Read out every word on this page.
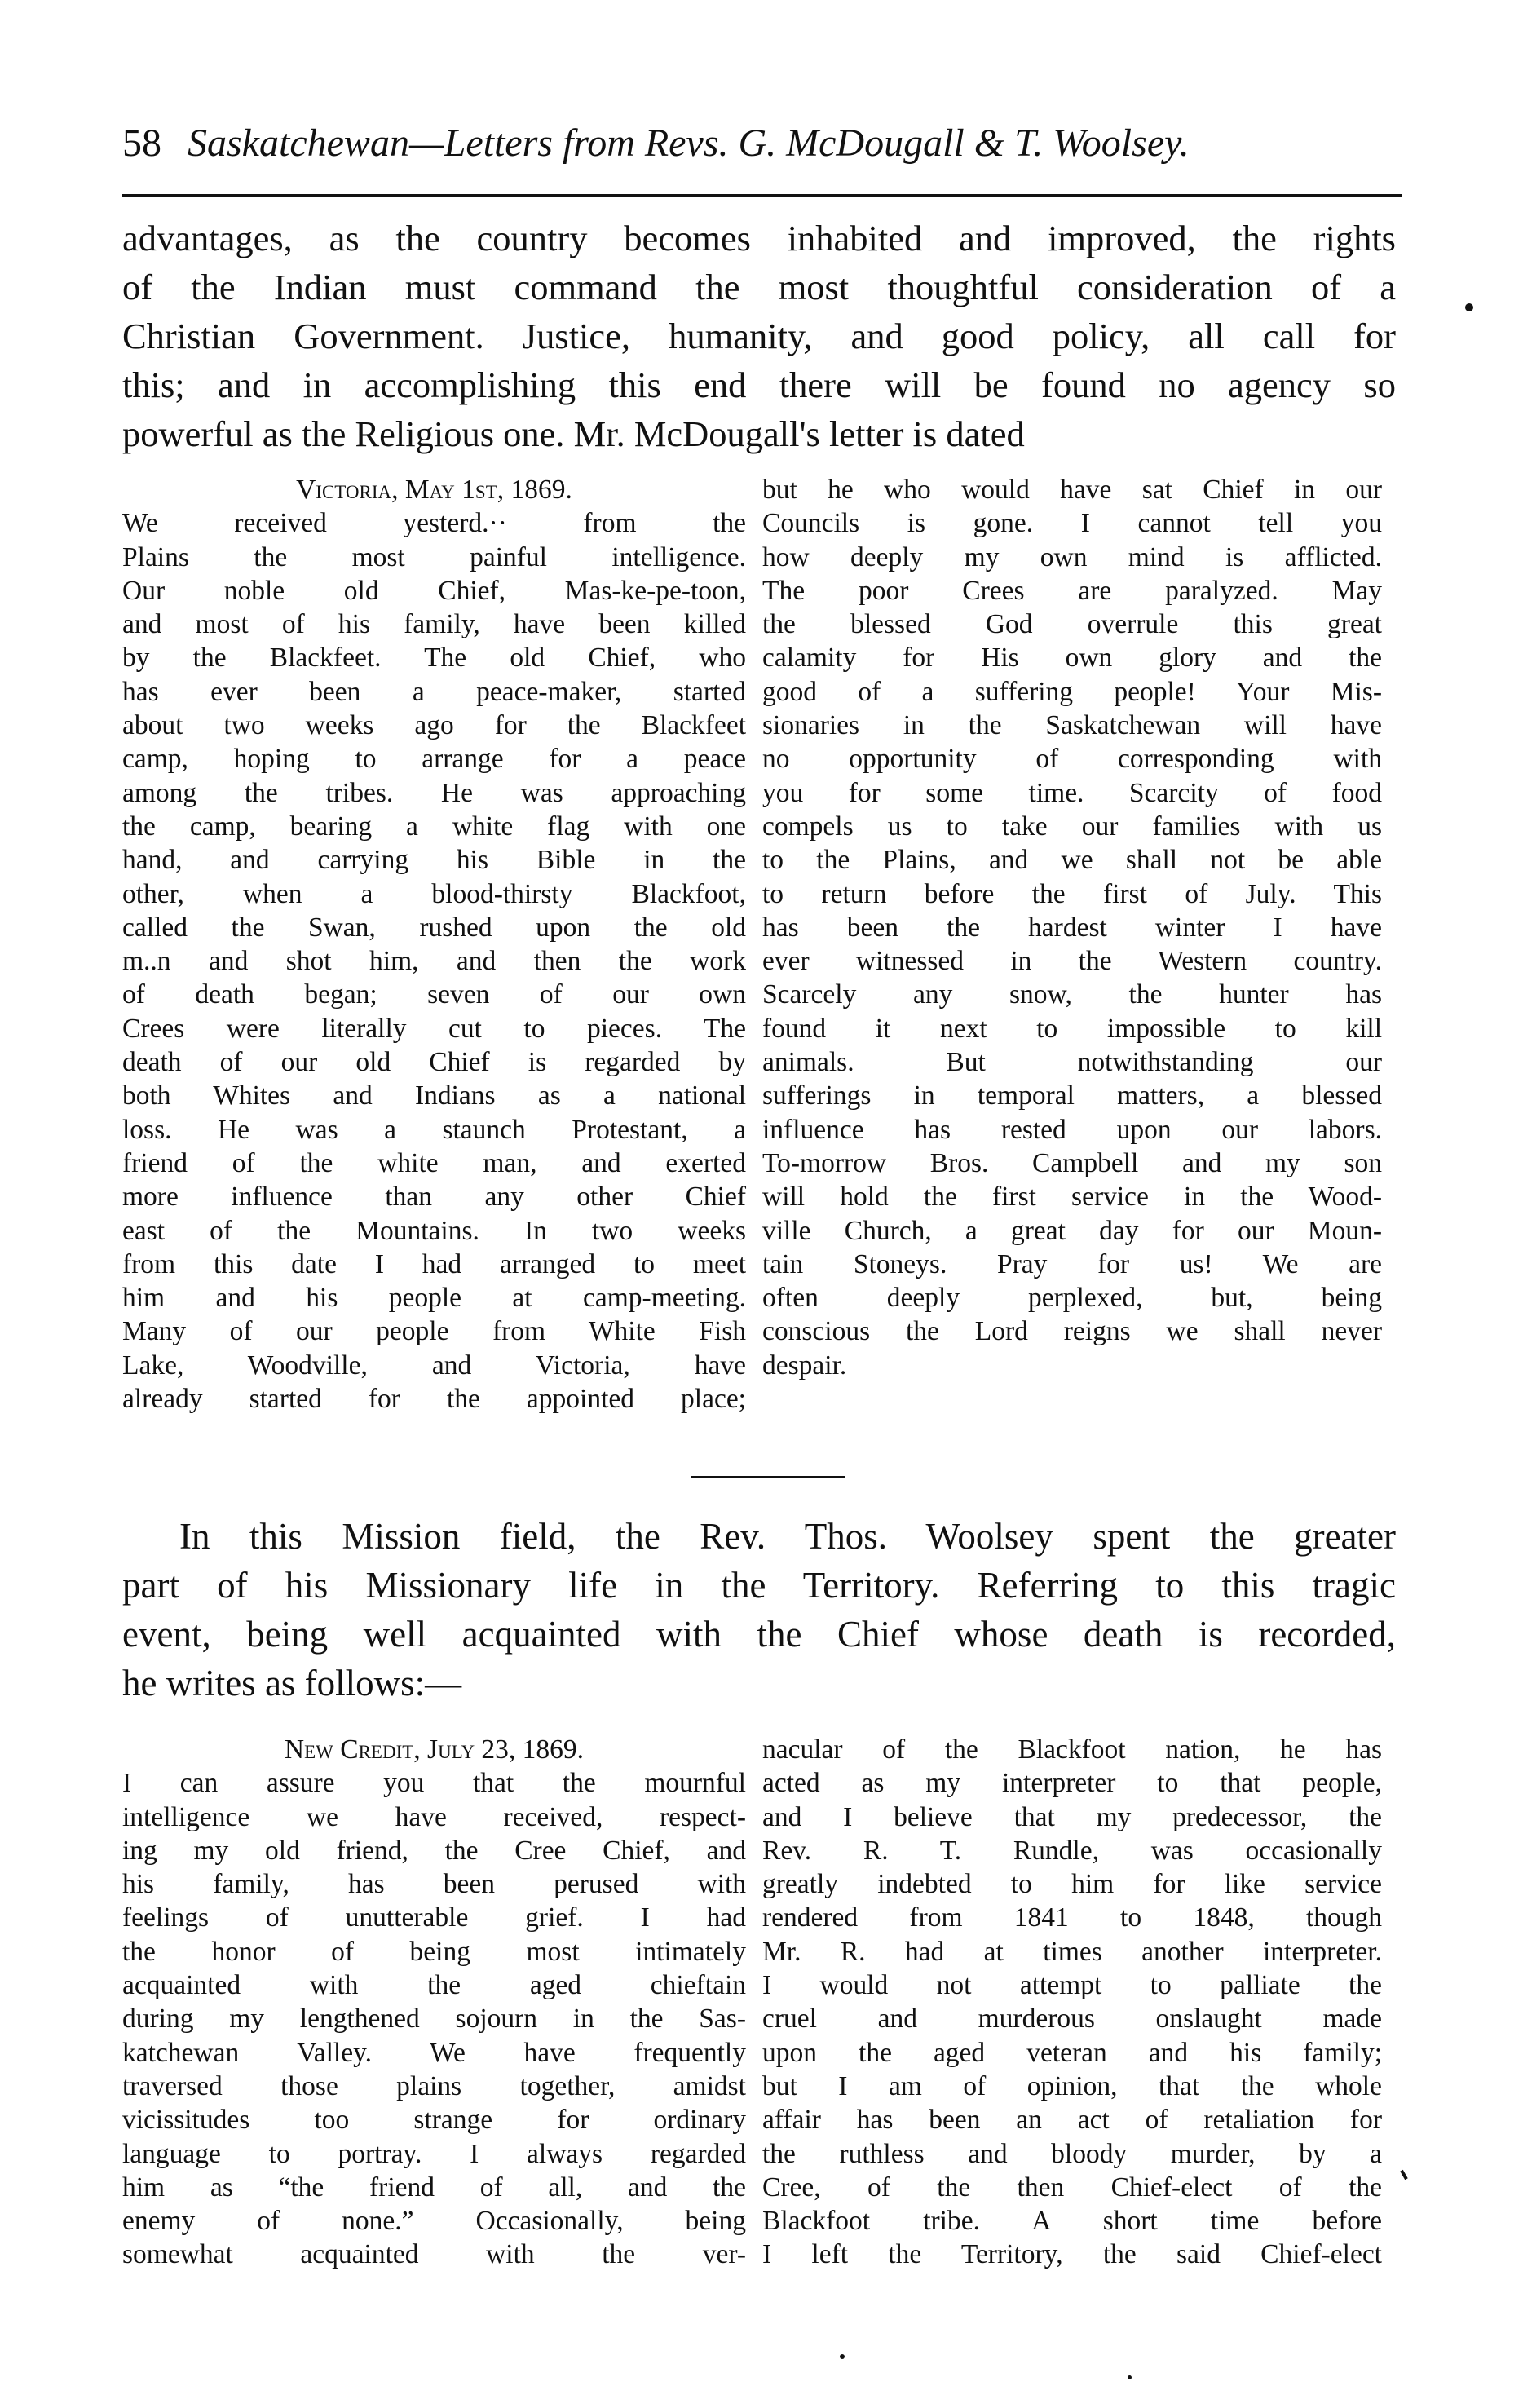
58 Saskatchewan—Letters from Revs. G. McDougall & T. Woolsey.
advantages, as the country becomes inhabited and improved, the rights
of the Indian must command the most thoughtful consideration of a
Christian Government. Justice, humanity, and good policy, all call for
this; and in accomplishing this end there will be found no agency so
powerful as the Religious one. Mr. McDougall's letter is dated
Victoria, May 1st, 1869.
We received yesterd.·· from the
Plains the most painful intelligence.
Our noble old Chief, Mas-ke-pe-toon,
and most of his family, have been killed
by the Blackfeet. The old Chief, who
has ever been a peace-maker, started
about two weeks ago for the Blackfeet
camp, hoping to arrange for a peace
among the tribes. He was approaching
the camp, bearing a white flag with one
hand, and carrying his Bible in the
other, when a blood-thirsty Blackfoot,
called the Swan, rushed upon the old
m..n and shot him, and then the work
of death began; seven of our own
Crees were literally cut to pieces. The
death of our old Chief is regarded by
both Whites and Indians as a national
loss. He was a staunch Protestant, a
friend of the white man, and exerted
more influence than any other Chief
east of the Mountains. In two weeks
from this date I had arranged to meet
him and his people at camp-meeting.
Many of our people from White Fish
Lake, Woodville, and Victoria, have
already started for the appointed place;
but he who would have sat Chief in our
Councils is gone. I cannot tell you
how deeply my own mind is afflicted.
The poor Crees are paralyzed. May
the blessed God overrule this great
calamity for His own glory and the
good of a suffering people! Your Mis-
sionaries in the Saskatchewan will have
no opportunity of corresponding with
you for some time. Scarcity of food
compels us to take our families with us
to the Plains, and we shall not be able
to return before the first of July. This
has been the hardest winter I have
ever witnessed in the Western country.
Scarcely any snow, the hunter has
found it next to impossible to kill
animals. But notwithstanding our
sufferings in temporal matters, a blessed
influence has rested upon our labors.
To-morrow Bros. Campbell and my son
will hold the first service in the Wood-
ville Church, a great day for our Moun-
tain Stoneys. Pray for us! We are
often deeply perplexed, but, being
conscious the Lord reigns we shall never
despair.
In this Mission field, the Rev. Thos. Woolsey spent the greater
part of his Missionary life in the Territory. Referring to this tragic
event, being well acquainted with the Chief whose death is recorded,
he writes as follows:—
New Credit, July 23, 1869.
I can assure you that the mournful
intelligence we have received, respect-
ing my old friend, the Cree Chief, and
his family, has been perused with
feelings of unutterable grief. I had
the honor of being most intimately
acquainted with the aged chieftain
during my lengthened sojourn in the Sas-
katchewan Valley. We have frequently
traversed those plains together, amidst
vicissitudes too strange for ordinary
language to portray. I always regarded
him as “the friend of all, and the
enemy of none.” Occasionally, being
somewhat acquainted with the ver-
nacular of the Blackfoot nation, he has
acted as my interpreter to that people,
and I believe that my predecessor, the
Rev. R. T. Rundle, was occasionally
greatly indebted to him for like service
rendered from 1841 to 1848, though
Mr. R. had at times another interpreter.
I would not attempt to palliate the
cruel and murderous onslaught made
upon the aged veteran and his family;
but I am of opinion, that the whole
affair has been an act of retaliation for
the ruthless and bloody murder, by a
Cree, of the then Chief-elect of the
Blackfoot tribe. A short time before
I left the Territory, the said Chief-elect
